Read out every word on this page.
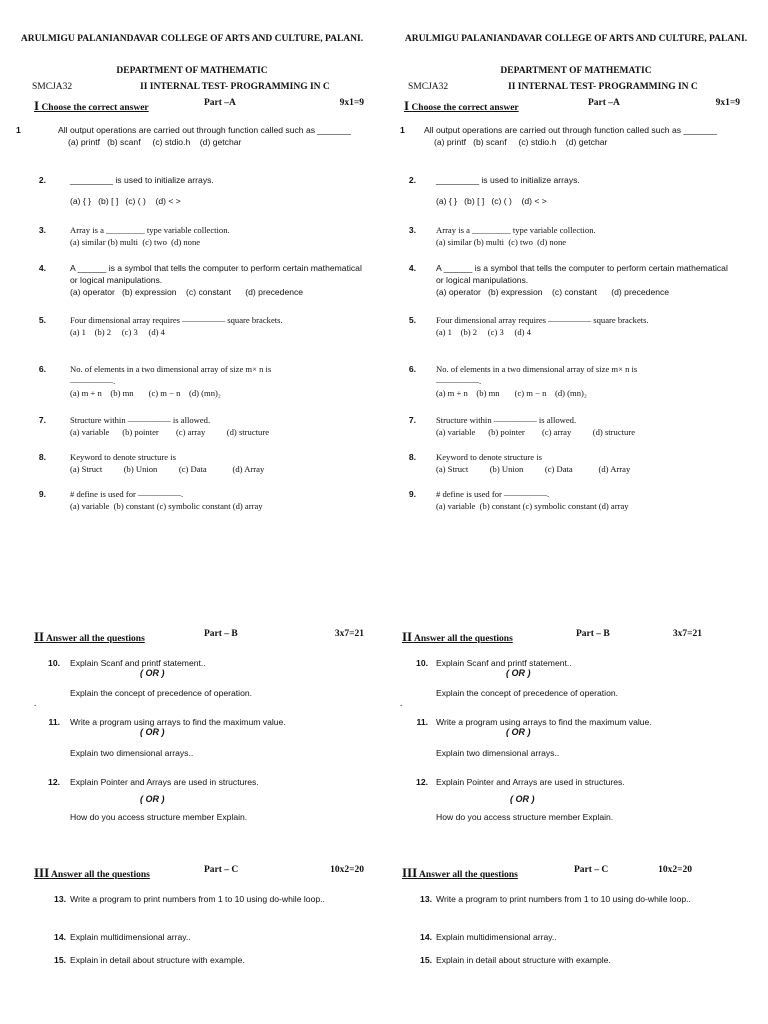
ARULMIGU PALANIANDAVAR COLLEGE OF ARTS AND CULTURE, PALANI.
DEPARTMENT OF MATHEMATIC
SMCJA32	II INTERNAL TEST- PROGRAMMING IN C
I Choose the correct answer	Part –A	9x1=9
1	All output operations are carried out through function called such as _______
(a) printf   (b) scanf     (c) stdio.h    (d) getchar
2.	_________ is used to initialize arrays.
(a) { }   (b) [ ]   (c) ( )    (d) < >
3.	Array is a _________ type variable collection.
(a) similar (b) multi  (c) two  (d) none
4.	A ______ is a symbol that tells the computer to perform certain mathematical or logical manipulations.
(a) operator   (b) expression    (c) constant      (d) precedence
5.	Four dimensional array requires ————— square brackets.
(a) 1    (b) 2     (c) 3     (d) 4
6.	No. of elements in a two dimensional array of size m× n is —————.
(a) m + n    (b) mn       (c) m − n    (d) (mn)₂
7.	Structure within ————— is allowed.
(a) variable      (b) pointer        (c) array          (d) structure
8.	Keyword to denote structure is
(a) Struct          (b) Union          (c) Data            (d) Array
9.	# define is used for —————.
(a) variable  (b) constant (c) symbolic constant (d) array
II Answer all the questions	Part – B	3x7=21
10. Explain Scanf and printf statement..
( OR )
Explain the concept of precedence of operation.
.
11. Write a program using arrays to find the maximum value.
( OR )
Explain two dimensional arrays..
12. Explain Pointer and Arrays are used in structures.
( OR )
How do you access structure member Explain.
III Answer all the questions	Part – C	10x2=20
13. Write a program to print numbers from 1 to 10 using do-while loop..
14. Explain multidimensional array..
15. Explain in detail about structure with example.
ARULMIGU PALANIANDAVAR COLLEGE OF ARTS AND CULTURE, PALANI.
DEPARTMENT OF MATHEMATIC
SMCJA32	II INTERNAL TEST- PROGRAMMING IN C
I Choose the correct answer	Part –A	9x1=9
1	All output operations are carried out through function called such as _______
(a) printf   (b) scanf     (c) stdio.h    (d) getchar
2. _________ is used to initialize arrays.
(a) { }   (b) [ ]   (c) ( )    (d) < >
3. Array is a _________ type variable collection.
(a) similar (b) multi  (c) two  (d) none
4. A ______ is a symbol that tells the computer to perform certain mathematical or logical manipulations.
(a) operator   (b) expression    (c) constant      (d) precedence
5. Four dimensional array requires ————— square brackets.
(a) 1    (b) 2     (c) 3     (d) 4
6. No. of elements in a two dimensional array of size m× n is —————.
(a) m + n    (b) mn       (c) m − n    (d) (mn)₂
7. Structure within ————— is allowed.
(a) variable      (b) pointer        (c) array          (d) structure
8. Keyword to denote structure is
(a) Struct          (b) Union          (c) Data            (d) Array
9. # define is used for —————.
(a) variable  (b) constant (c) symbolic constant (d) array
II Answer all the questions	Part – B	3x7=21
10. Explain Scanf and printf statement..
( OR )
Explain the concept of precedence of operation.
.
11. Write a program using arrays to find the maximum value.
( OR )
Explain two dimensional arrays..
12. Explain Pointer and Arrays are used in structures.
( OR )
How do you access structure member Explain.
III Answer all the questions	Part – C	10x2=20
13. Write a program to print numbers from 1 to 10 using do-while loop..
14. Explain multidimensional array..
15. Explain in detail about structure with example.
